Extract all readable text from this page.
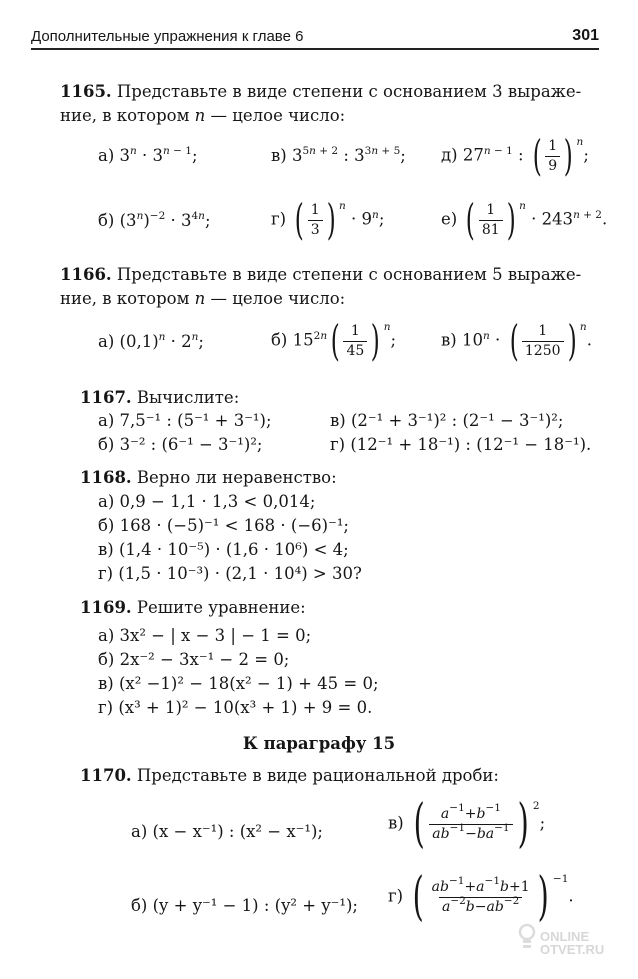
Дополнительные упражнения к главе 6	301
1165. Представьте в виде степени с основанием 3 выраже-
ние, в котором n — целое число:
а) $3^n \cdot 3^{n - 1}$;	в) $3^{5n + 2}$ : $3^{3n + 5}$; д) $27^{n - 1}$ : ( $\frac{1}{9}$ ) $^n$;
б) $(3^n)^{-2} \cdot 3^{4n}$;	г) ( $\frac{1}{3}$ ) $^n \cdot 9^n$;	е) ( $\frac{1}{81}$ ) $^n \cdot 243^{n + 2}$.
1166. Представьте в виде степени с основанием 5 выраже-
ние, в котором n — целое число:
а) $(0,1)^n \cdot 2^n$;	б) $15^{2n}( \frac{1}{45}$ ) $^n$;	в) $10^n$ · ( $\frac{1}{1250}$ ) $^n$.
1167. Вычислите:
а) 7,5⁻¹ : (5⁻¹ + 3⁻¹);	в) (2⁻¹ + 3⁻¹)² : (2⁻¹ − 3⁻¹)²;
б) 3⁻² : (6⁻¹ − 3⁻¹)²;	г) (12⁻¹ + 18⁻¹) : (12⁻¹ − 18⁻¹).
1168. Верно ли неравенство:
а) 0,9 − 1,1 · 1,3 < 0,014;
б) 168 · (−5)⁻¹ < 168 · (−6)⁻¹;
в) (1,4 · 10⁻⁵) · (1,6 · 10⁶) < 4;
г) (1,5 · 10⁻³) · (2,1 · 10⁴) > 30?
1169. Решите уравнение:
а) 3x² − | x − 3 | − 1 = 0;
б) 2x⁻² − 3x⁻¹ − 2 = 0;
в) (x² −1)² − 18(x² − 1) + 45 = 0;
г) (x³ + 1)² − 10(x³ + 1) + 9 = 0.
К параграфу 15
1170. Представьте в виде рациональной дроби:
а) (x − x⁻¹) : (x² − x⁻¹);	в) ( $\frac{a^{-1}+b^{-1}}{ab^{-1}-ba^{-1}}$ ) $^2$;
б) (y + y⁻¹ − 1) : (y² + y⁻¹); г) ( $\frac{ab^{-1}+a^{-1}b+1}{a^{-2}b-ab^{-2}}$ ) $^{-1}$.
ONLINE
OTVET.RU
